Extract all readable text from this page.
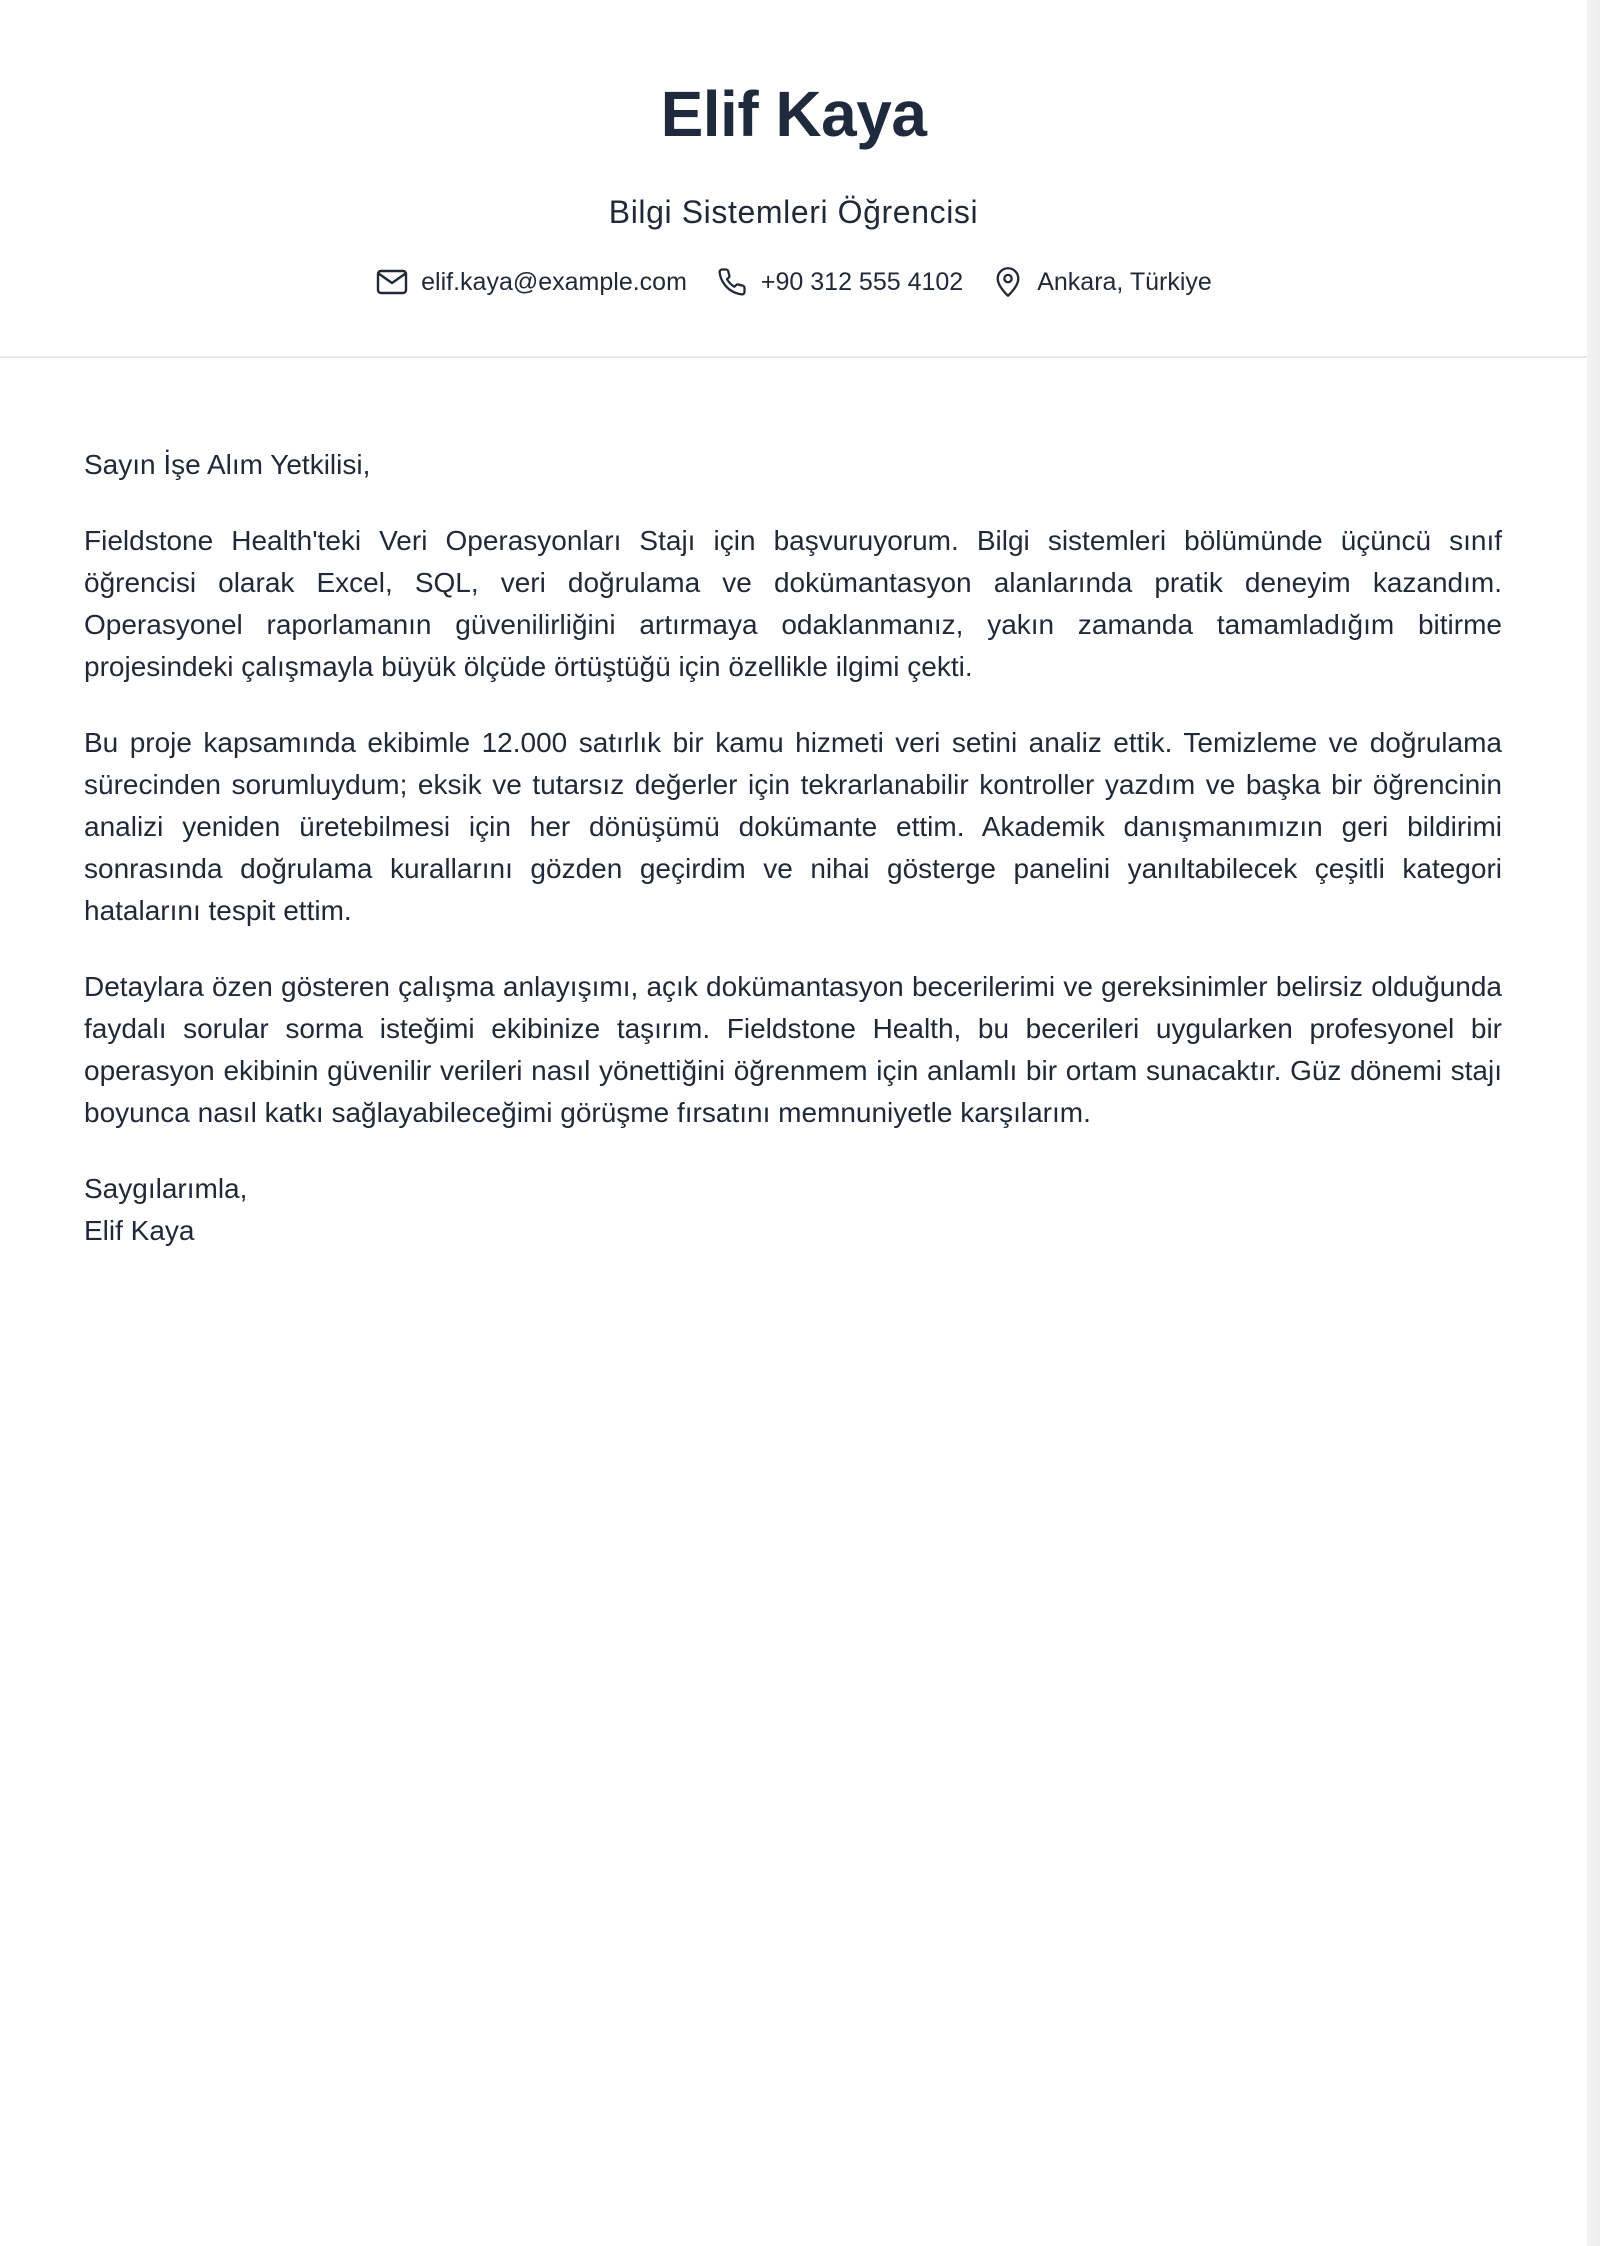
Elif Kaya
Bilgi Sistemleri Öğrencisi
elif.kaya@example.com	+90 312 555 4102	Ankara, Türkiye

Sayın İşe Alım Yetkilisi,

Fieldstone Health'teki Veri Operasyonları Stajı için başvuruyorum. Bilgi sistemleri bölümünde üçüncü sınıf öğrencisi olarak Excel, SQL, veri doğrulama ve dokümantasyon alanlarında pratik deneyim kazandım. Operasyonel raporlamanın güvenilirliğini artırmaya odaklanmanız, yakın zamanda tamamladığım bitirme projesindeki çalışmayla büyük ölçüde örtüştüğü için özellikle ilgimi çekti.

Bu proje kapsamında ekibimle 12.000 satırlık bir kamu hizmeti veri setini analiz ettik. Temizleme ve doğrulama sürecinden sorumluydum; eksik ve tutarsız değerler için tekrarlanabilir kontroller yazdım ve başka bir öğrencinin analizi yeniden üretebilmesi için her dönüşümü dokümante ettim. Akademik danışmanımızın geri bildirimi sonrasında doğrulama kurallarını gözden geçirdim ve nihai gösterge panelini yanıltabilecek çeşitli kategori hatalarını tespit ettim.

Detaylara özen gösteren çalışma anlayışımı, açık dokümantasyon becerilerimi ve gereksinimler belirsiz olduğunda faydalı sorular sorma isteğimi ekibinize taşırım. Fieldstone Health, bu becerileri uygularken profesyonel bir operasyon ekibinin güvenilir verileri nasıl yönettiğini öğrenmem için anlamlı bir ortam sunacaktır. Güz dönemi stajı boyunca nasıl katkı sağlayabileceğimi görüşme fırsatını memnuniyetle karşılarım.

Saygılarımla,

Elif Kaya
